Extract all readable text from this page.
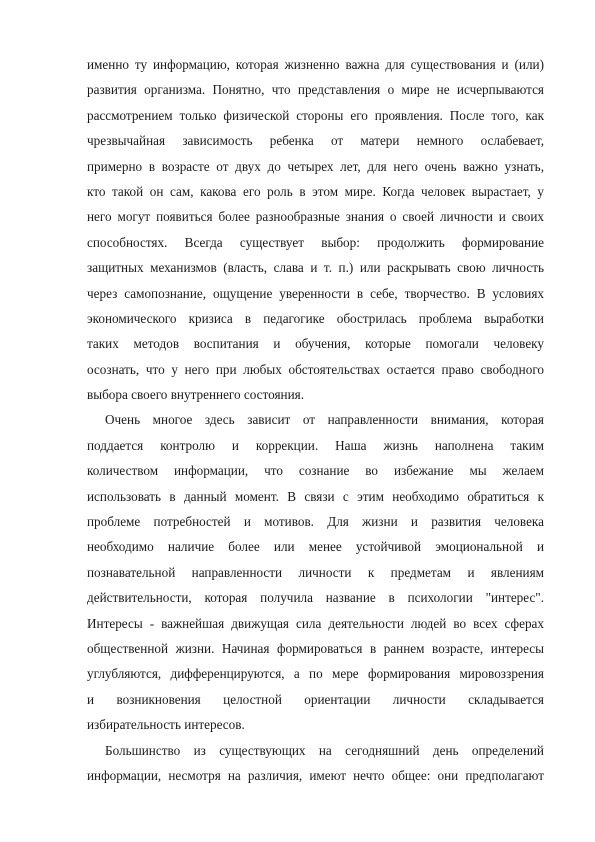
именно ту информацию, которая жизненно важна для существования и (или)
развития организма. Понятно, что представления о мире не исчерпываются
рассмотрением только физической стороны его проявления. После того, как
чрезвычайная зависимость ребенка от матери немного ослабевает,
примерно в возрасте от двух до четырех лет, для него очень важно узнать,
кто такой он сам, какова его роль в этом мире. Когда человек вырастает, у
него могут появиться более разнообразные знания о своей личности и своих
способностях. Всегда существует выбор: продолжить формирование
защитных механизмов (власть, слава и т. п.) или раскрывать свою личность
через самопознание, ощущение уверенности в себе, творчество. В условиях
экономического кризиса в педагогике обострилась проблема выработки
таких методов воспитания и обучения, которые помогали человеку
осознать, что у него при любых обстоятельствах остается право свободного
выбора своего внутреннего состояния.
Очень многое здесь зависит от направленности внимания, которая
поддается контролю и коррекции. Наша жизнь наполнена таким
количеством информации, что сознание во избежание мы желаем
использовать в данный момент. В связи с этим необходимо обратиться к
проблеме потребностей и мотивов. Для жизни и развития человека
необходимо наличие более или менее устойчивой эмоциональной и
познавательной направленности личности к предметам и явлениям
действительности, которая получила название в психологии "интерес".
Интересы - важнейшая движущая сила деятельности людей во всех сферах
общественной жизни. Начиная формироваться в раннем возрасте, интересы
углубляются, дифференцируются, а по мере формирования мировоззрения
и возникновения целостной ориентации личности складывается
избирательность интересов.
Большинство из существующих на сегодняшний день определений
информации, несмотря на различия, имеют нечто общее: они предполагают
